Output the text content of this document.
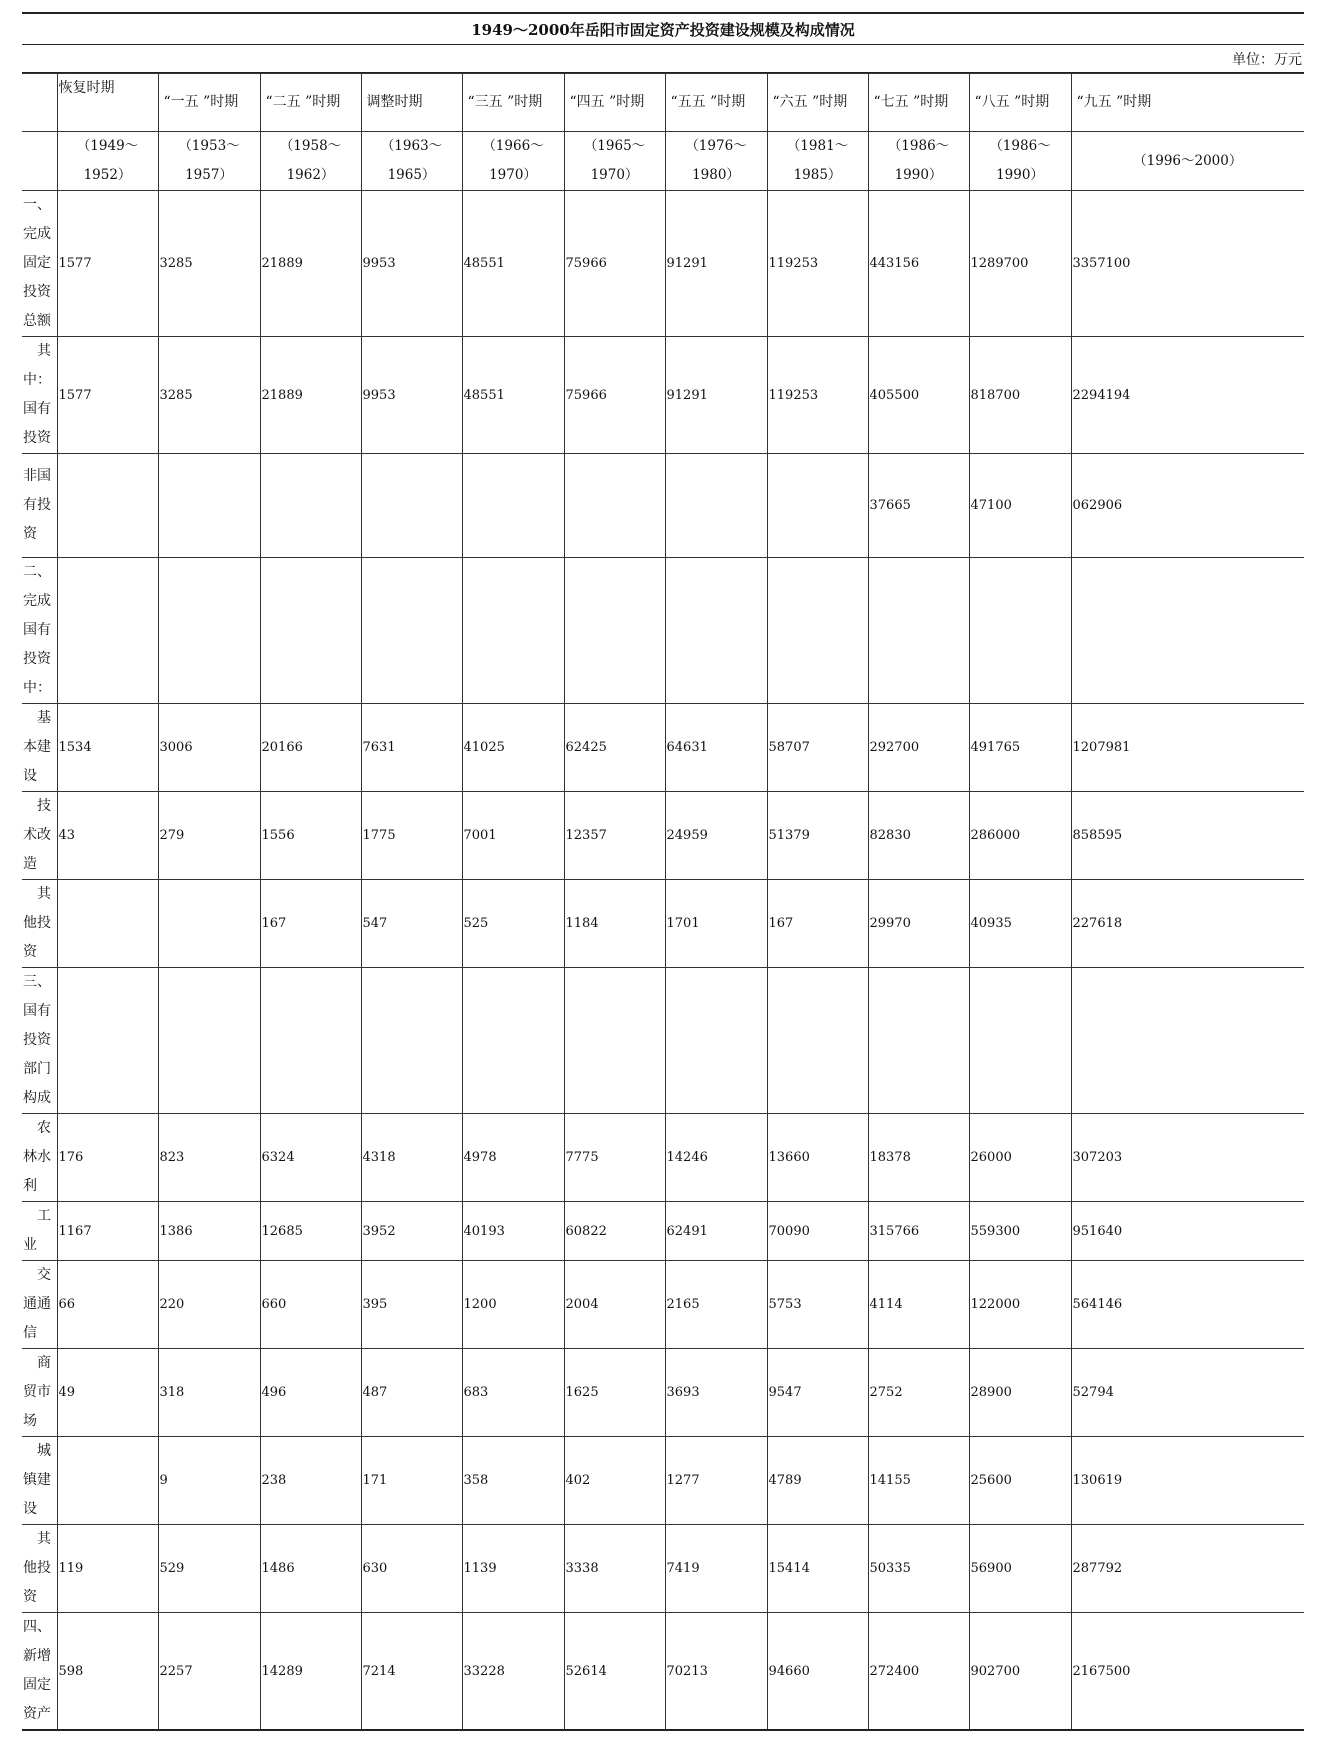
1949～2000年岳阳市固定资产投资建设规模及构成情况
单位：万元
	恢复时期	“一五 ”时期	“二五 ”时期	调整时期	“三五 ”时期	“四五 ”时期	“五五 ”时期	“六五 ”时期	“七五 ”时期	“八五 ”时期	“九五 ”时期
	（1949～1952）	（1953～1957）	（1958～1962）	（1963～1965）	（1966～1970）	（1965～1970）	（1976～1980）	（1981～1985）	（1986～1990）	（1986～1990）	（1996～2000）
一、完成固定投资总额	1577	3285	21889	9953	48551	75966	91291	119253	443156	1289700	3357100
其中：国有投资	1577	3285	21889	9953	48551	75966	91291	119253	405500	818700	2294194
非国有投资									37665	47100	062906
二、完成国有投资中：											
基本建设	1534	3006	20166	7631	41025	62425	64631	58707	292700	491765	1207981
技术改造	43	279	1556	1775	7001	12357	24959	51379	82830	286000	858595
其他投资			167	547	525	1184	1701	167	29970	40935	227618
三、国有投资部门构成											
农林水利	176	823	6324	4318	4978	7775	14246	13660	18378	26000	307203
工业	1167	1386	12685	3952	40193	60822	62491	70090	315766	559300	951640
交通通信	66	220	660	395	1200	2004	2165	5753	4114	122000	564146
商贸市场	49	318	496	487	683	1625	3693	9547	2752	28900	52794
城镇建设		9	238	171	358	402	1277	4789	14155	25600	130619
其他投资	119	529	1486	630	1139	3338	7419	15414	50335	56900	287792
四、新增固定资产	598	2257	14289	7214	33228	52614	70213	94660	272400	902700	2167500
